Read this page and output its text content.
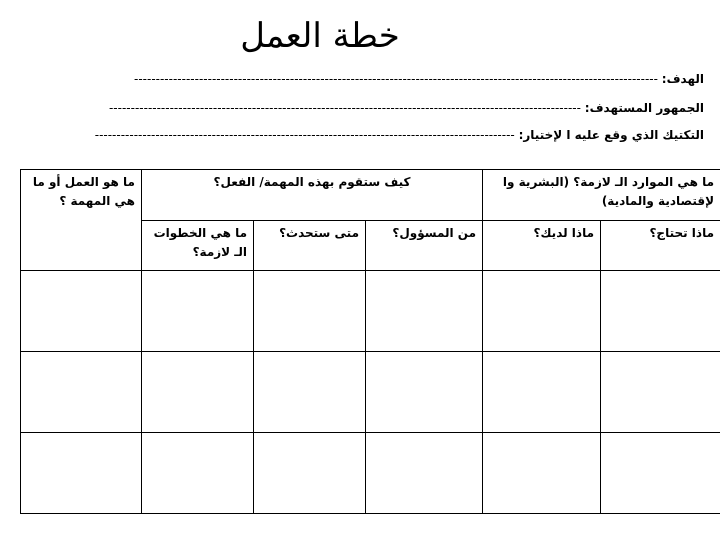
خطة العمل
الهدف: -------------------------------------------------------------------------------------------------------------------------
الجمهور المستهدف: -------------------------------------------------------------------------------------------------------------
التكتيك الذي وقع عليه ا لإختيار: -------------------------------------------------------------------------------------------------
ما هي الموارد الـ لازمة؟ (البشرية وا لإقتصادية والمادية)		كيف ستقوم بهذه المهمة/ الفعل؟			ما هو العمل أو ما هي المهمة ؟
ماذا تحتاج؟	ماذا لديك؟	من المسؤول؟	متى ستحدث؟	ما هي الخطوات الـ لازمة؟	
